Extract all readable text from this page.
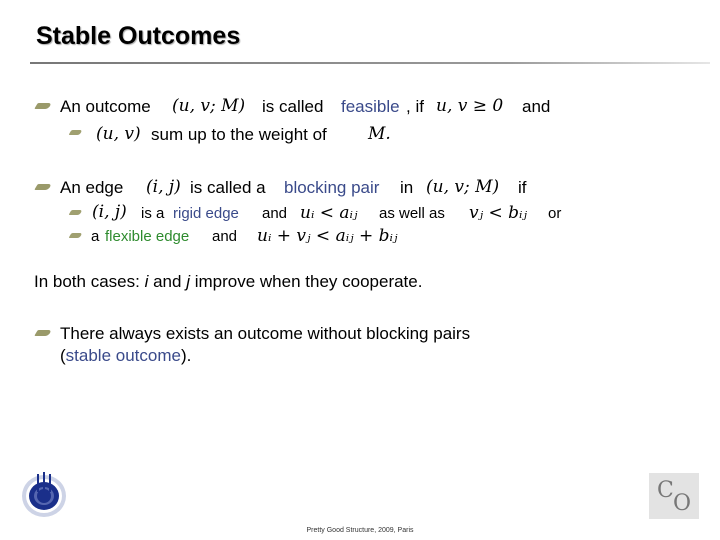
Stable Outcomes
An outcome (u, v; M) is called feasible , if u, v ≥ 0 and
(u, v) sum up to the weight of M.
An edge (i, j) is called a blocking pair in (u, v; M) if
(i, j) is a rigid edge and uᵢ < aᵢⱼ as well as vⱼ < bᵢⱼ or
a flexible edge and uᵢ + vⱼ < aᵢⱼ + bᵢⱼ
In both cases: i and j improve when they cooperate.
There always exists an outcome without blocking pairs
(stable outcome).
C
O
Pretty Good Structure, 2009, Paris
